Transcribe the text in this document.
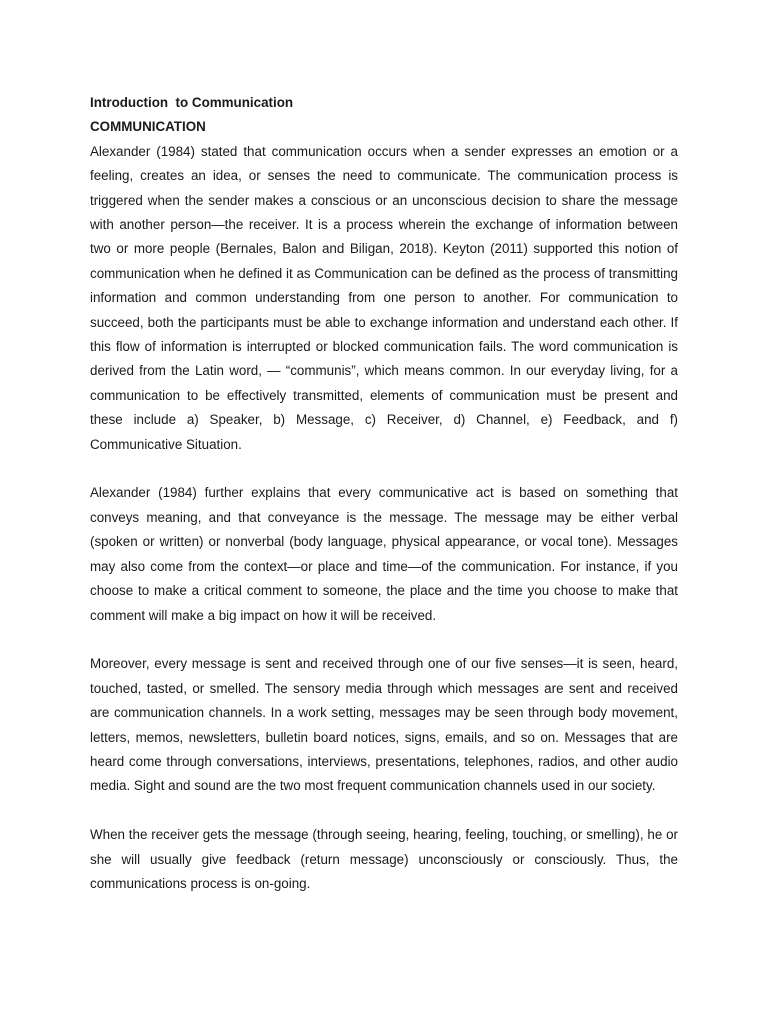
Introduction  to Communication
COMMUNICATION

Alexander (1984) stated that communication occurs when a sender expresses an emotion or a feeling, creates an idea, or senses the need to communicate. The communication process is triggered when the sender makes a conscious or an unconscious decision to share the message with another person—the receiver. It is a process wherein the exchange of information between two or more people (Bernales, Balon and Biligan, 2018). Keyton (2011) supported this notion of communication when he defined it as Communication can be defined as the process of transmitting information and common understanding from one person to another. For communication to succeed, both the participants must be able to exchange information and understand each other. If this flow of information is interrupted or blocked communication fails. The word communication is derived from the Latin word, — “communis”, which means common. In our everyday living, for a communication to be effectively transmitted, elements of communication must be present and these include a) Speaker, b) Message, c) Receiver, d) Channel, e) Feedback, and f) Communicative Situation.

Alexander (1984) further explains that every communicative act is based on something that conveys meaning, and that conveyance is the message. The message may be either verbal (spoken or written) or nonverbal (body language, physical appearance, or vocal tone). Messages may also come from the context—or place and time—of the communication. For instance, if you choose to make a critical comment to someone, the place and the time you choose to make that comment will make a big impact on how it will be received.

Moreover, every message is sent and received through one of our five senses—it is seen, heard, touched, tasted, or smelled. The sensory media through which messages are sent and received are communication channels. In a work setting, messages may be seen through body movement, letters, memos, newsletters, bulletin board notices, signs, emails, and so on. Messages that are heard come through conversations, interviews, presentations, telephones, radios, and other audio media. Sight and sound are the two most frequent communication channels used in our society.

When the receiver gets the message (through seeing, hearing, feeling, touching, or smelling), he or she will usually give feedback (return message) unconsciously or consciously. Thus, the communications process is on-going.
